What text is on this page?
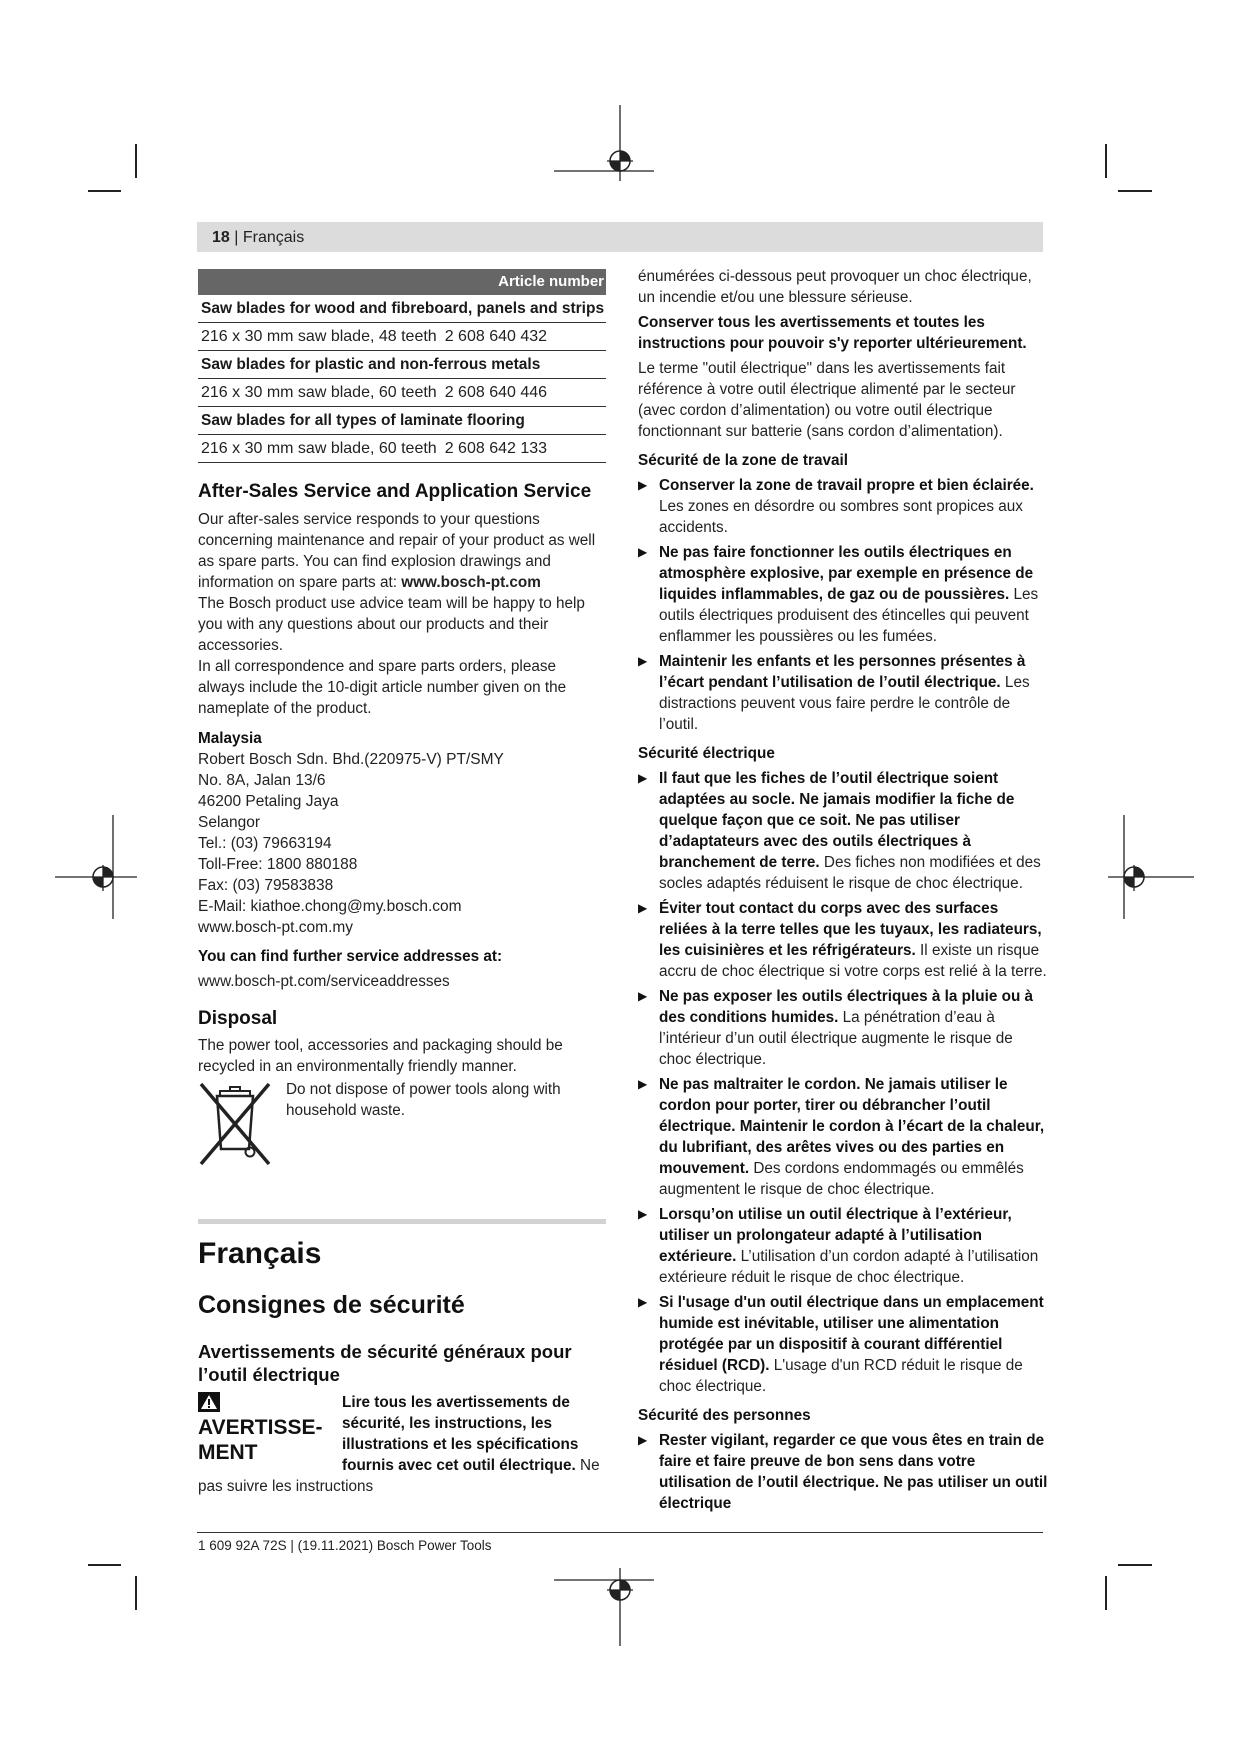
18 | Français
Article number
Saw blades for wood and fibreboard, panels and strips
216 x 30 mm saw blade, 48 teeth 2 608 640 432
Saw blades for plastic and non-ferrous metals
216 x 30 mm saw blade, 60 teeth 2 608 640 446
Saw blades for all types of laminate flooring
216 x 30 mm saw blade, 60 teeth 2 608 642 133
After-Sales Service and Application Service

Our after-sales service responds to your questions concerning maintenance and repair of your product as well as spare parts. You can find explosion drawings and information on spare parts at: www.bosch-pt.com

The Bosch product use advice team will be happy to help you with any questions about our products and their accessories.

In all correspondence and spare parts orders, please always include the 10‑digit article number given on the nameplate of the product.

Malaysia

Robert Bosch Sdn. Bhd.(220975-V) PT/SMY
No. 8A, Jalan 13/6
46200 Petaling Jaya
Selangor
Tel.: (03) 79663194
Toll-Free: 1800 880188
Fax: (03) 79583838
E-Mail: kiathoe.chong@my.bosch.com
www.bosch-pt.com.my

You can find further service addresses at:

www.bosch-pt.com/serviceaddresses

Disposal

The power tool, accessories and packaging should be recycled in an environmentally friendly manner.

Do not dispose of power tools along with household waste.

Français
Consignes de sécurité
Avertissements de sécurité généraux pour l’outil électrique
AVERTISSE-MENT

Lire tous les avertissements de sécurité, les instructions, les illustrations et les spécifications fournis avec cet outil électrique. Ne pas suivre les instructions

énumérées ci-dessous peut provoquer un choc électrique, un incendie et/ou une blessure sérieuse.

Conserver tous les avertissements et toutes les instructions pour pouvoir s'y reporter ultérieurement.

Le terme "outil électrique" dans les avertissements fait référence à votre outil électrique alimenté par le secteur (avec cordon d’alimentation) ou votre outil électrique fonctionnant sur batterie (sans cordon d’alimentation).

Sécurité de la zone de travail

▶ Conserver la zone de travail propre et bien éclairée. Les zones en désordre ou sombres sont propices aux accidents.

▶ Ne pas faire fonctionner les outils électriques en atmosphère explosive, par exemple en présence de liquides inflammables, de gaz ou de poussières. Les outils électriques produisent des étincelles qui peuvent enflammer les poussières ou les fumées.

▶ Maintenir les enfants et les personnes présentes à l’écart pendant l’utilisation de l’outil électrique. Les distractions peuvent vous faire perdre le contrôle de l’outil.

Sécurité électrique

▶ Il faut que les fiches de l’outil électrique soient adaptées au socle. Ne jamais modifier la fiche de quelque façon que ce soit. Ne pas utiliser d’adaptateurs avec des outils électriques à branchement de terre. Des fiches non modifiées et des socles adaptés réduisent le risque de choc électrique.

▶ Éviter tout contact du corps avec des surfaces reliées à la terre telles que les tuyaux, les radiateurs, les cuisinières et les réfrigérateurs. Il existe un risque accru de choc électrique si votre corps est relié à la terre.

▶ Ne pas exposer les outils électriques à la pluie ou à des conditions humides. La pénétration d’eau à l’intérieur d’un outil électrique augmente le risque de choc électrique.

▶ Ne pas maltraiter le cordon. Ne jamais utiliser le cordon pour porter, tirer ou débrancher l’outil électrique. Maintenir le cordon à l’écart de la chaleur, du lubrifiant, des arêtes vives ou des parties en mouvement. Des cordons endommagés ou emmêlés augmentent le risque de choc électrique.

▶ Lorsqu’on utilise un outil électrique à l’extérieur, utiliser un prolongateur adapté à l’utilisation extérieure. L’utilisation d’un cordon adapté à l’utilisation extérieure réduit le risque de choc électrique.

▶ Si l'usage d'un outil électrique dans un emplacement humide est inévitable, utiliser une alimentation protégée par un dispositif à courant différentiel résiduel (RCD). L'usage d'un RCD réduit le risque de choc électrique.

Sécurité des personnes

▶ Rester vigilant, regarder ce que vous êtes en train de faire et faire preuve de bon sens dans votre utilisation de l’outil électrique. Ne pas utiliser un outil électrique

1 609 92A 72S | (19.11.2021) Bosch Power Tools
